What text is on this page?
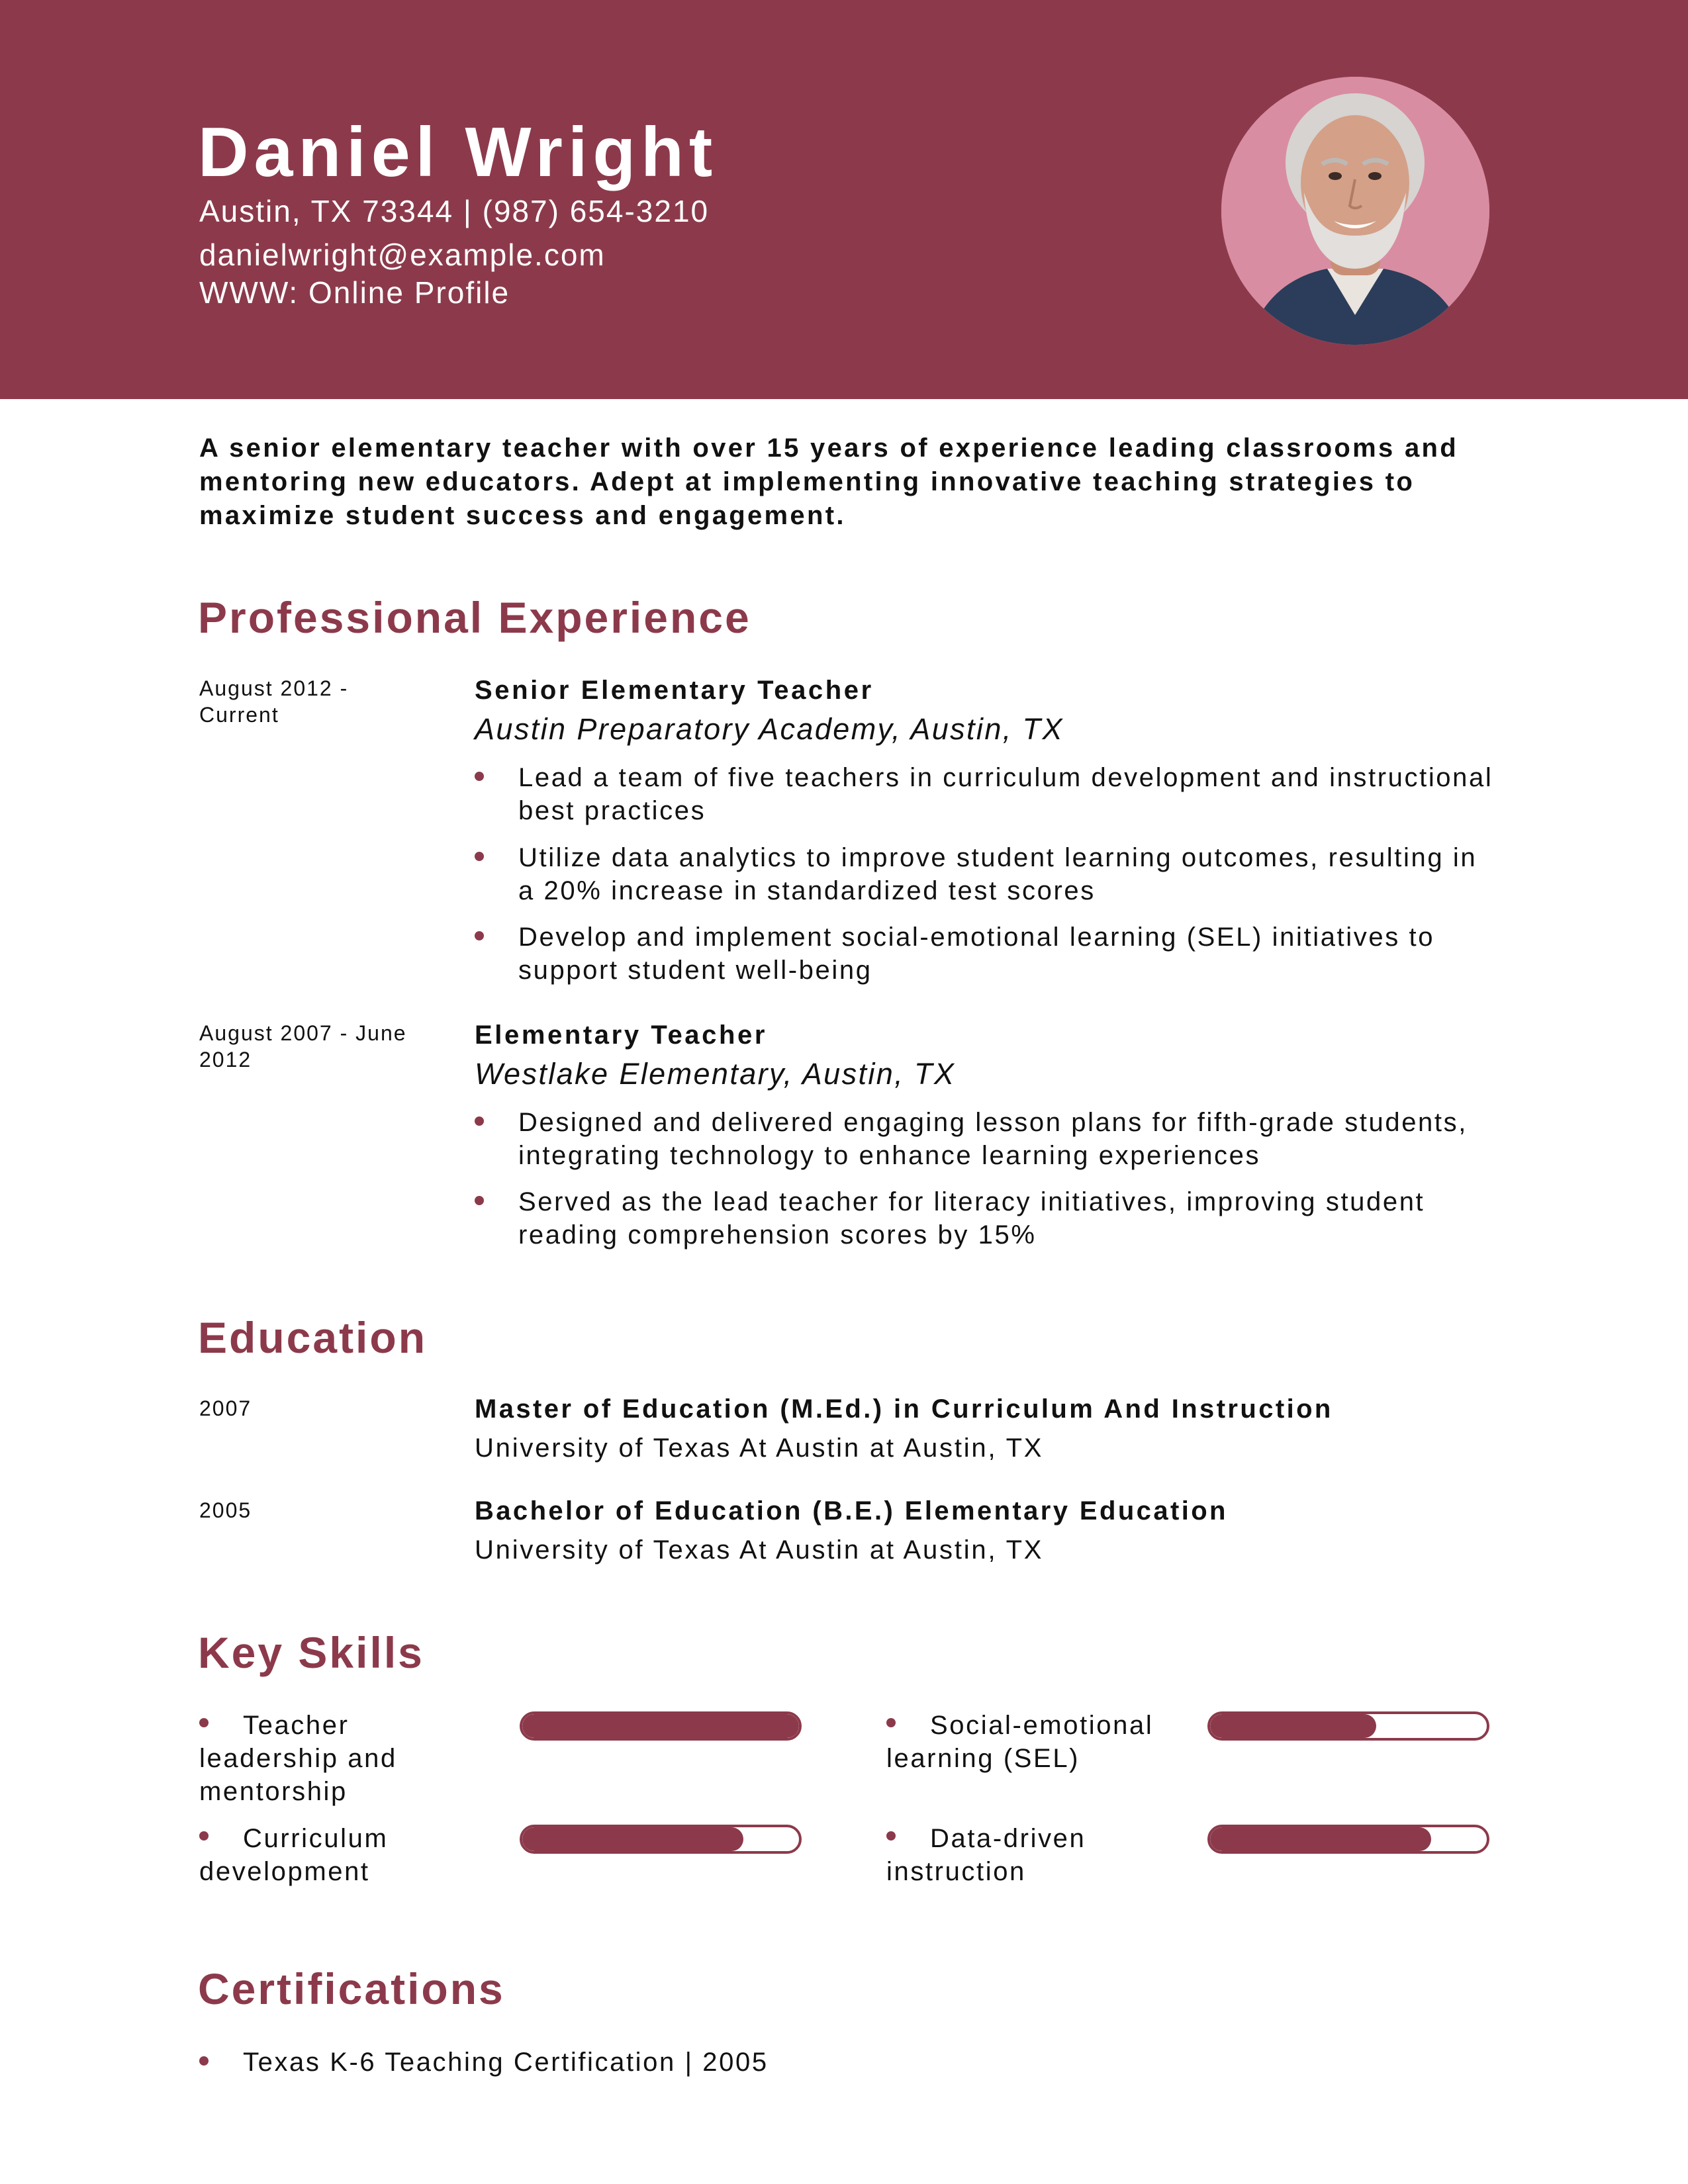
Daniel Wright
Austin, TX 73344 | (987) 654-3210
danielwright@example.com
WWW: Online Profile

A senior elementary teacher with over 15 years of experience leading classrooms and mentoring new educators. Adept at implementing innovative teaching strategies to maximize student success and engagement.

Professional Experience
August 2012 - Current
Senior Elementary Teacher
Austin Preparatory Academy, Austin, TX
Lead a team of five teachers in curriculum development and instructional best practices
Utilize data analytics to improve student learning outcomes, resulting in a 20% increase in standardized test scores
Develop and implement social-emotional learning (SEL) initiatives to support student well-being
August 2007 - June 2012
Elementary Teacher
Westlake Elementary, Austin, TX
Designed and delivered engaging lesson plans for fifth-grade students, integrating technology to enhance learning experiences
Served as the lead teacher for literacy initiatives, improving student reading comprehension scores by 15%
Education
2007	Master of Education (M.Ed.) in Curriculum And Instruction
University of Texas At Austin at Austin, TX
2005	Bachelor of Education (B.E.) Elementary Education
University of Texas At Austin at Austin, TX
Key Skills
Teacher
leadership and mentorship
Social-emotional
learning (SEL)
Curriculum
development
Data-driven
instruction
Certifications
Texas K-6 Teaching Certification | 2005
